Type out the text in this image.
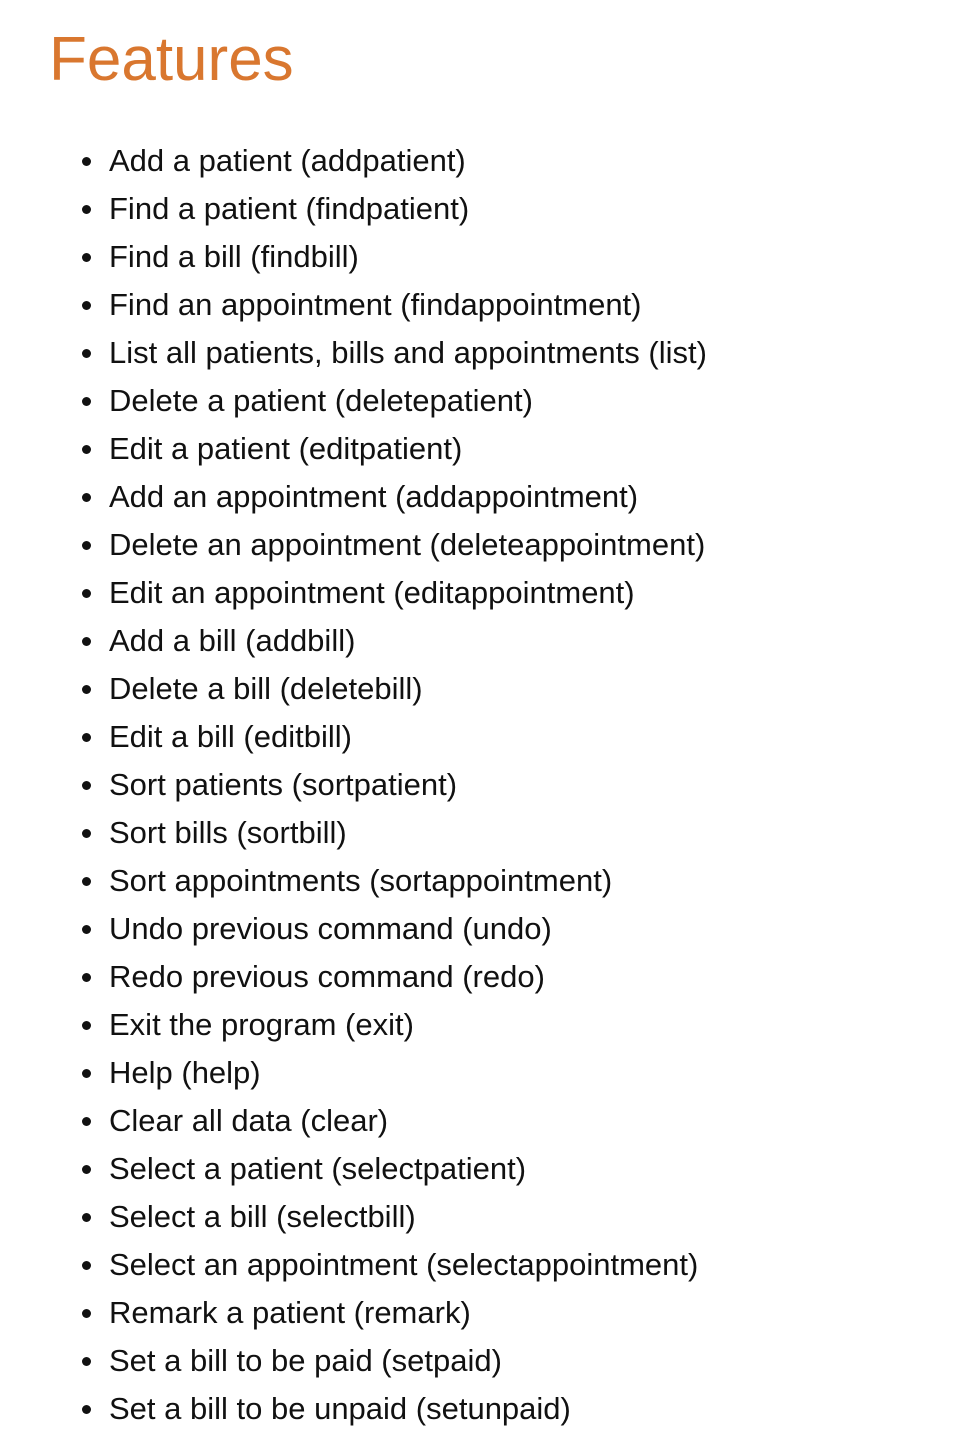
Features
Add a patient (addpatient)
Find a patient (findpatient)
Find a bill (findbill)
Find an appointment (findappointment)
List all patients, bills and appointments (list)
Delete a patient (deletepatient)
Edit a patient (editpatient)
Add an appointment (addappointment)
Delete an appointment (deleteappointment)
Edit an appointment (editappointment)
Add a bill (addbill)
Delete a bill (deletebill)
Edit a bill (editbill)
Sort patients (sortpatient)
Sort bills (sortbill)
Sort appointments (sortappointment)
Undo previous command (undo)
Redo previous command (redo)
Exit the program (exit)
Help (help)
Clear all data (clear)
Select a patient (selectpatient)
Select a bill (selectbill)
Select an appointment (selectappointment)
Remark a patient (remark)
Set a bill to be paid (setpaid)
Set a bill to be unpaid (setunpaid)
